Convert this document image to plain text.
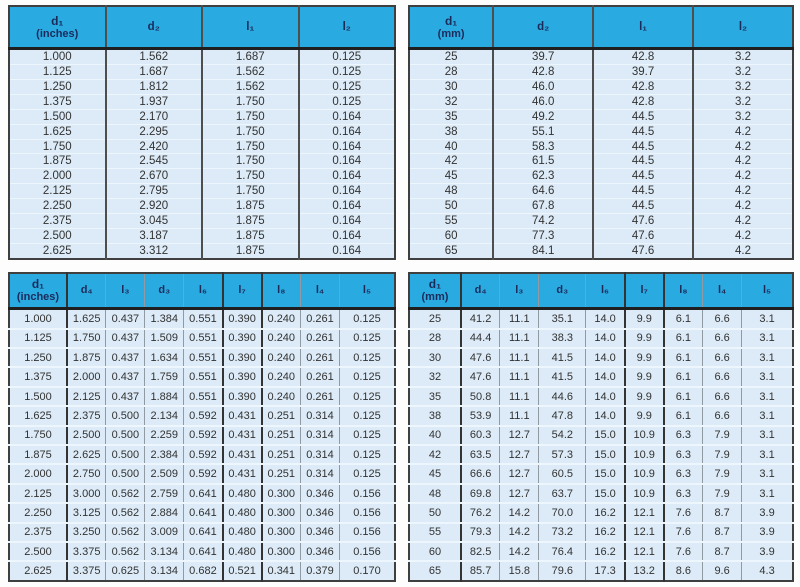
d₁
(inches)	d₂	l₁	l₂
1.000	1.562	1.687	0.125
1.125	1.687	1.562	0.125
1.250	1.812	1.562	0.125
1.375	1.937	1.750	0.125
1.500	2.170	1.750	0.164
1.625	2.295	1.750	0.164
1.750	2.420	1.750	0.164
1.875	2.545	1.750	0.164
2.000	2.670	1.750	0.164
2.125	2.795	1.750	0.164
2.250	2.920	1.875	0.164
2.375	3.045	1.875	0.164
2.500	3.187	1.875	0.164
2.625	3.312	1.875	0.164
d₁
(mm)	d₂	l₁	l₂
25	39.7	42.8	3.2
28	42.8	39.7	3.2
30	46.0	42.8	3.2
32	46.0	42.8	3.2
35	49.2	44.5	3.2
38	55.1	44.5	4.2
40	58.3	44.5	4.2
42	61.5	44.5	4.2
45	62.3	44.5	4.2
48	64.6	44.5	4.2
50	67.8	44.5	4.2
55	74.2	47.6	4.2
60	77.3	47.6	4.2
65	84.1	47.6	4.2
d₁
(inches)	d₄	l₃	d₃	l₆	l₇	l₈	l₄	l₅
1.000	1.625	0.437	1.384	0.551	0.390	0.240	0.261	0.125
1.125	1.750	0.437	1.509	0.551	0.390	0.240	0.261	0.125
1.250	1.875	0.437	1.634	0.551	0.390	0.240	0.261	0.125
1.375	2.000	0.437	1.759	0.551	0.390	0.240	0.261	0.125
1.500	2.125	0.437	1.884	0.551	0.390	0.240	0.261	0.125
1.625	2.375	0.500	2.134	0.592	0.431	0.251	0.314	0.125
1.750	2.500	0.500	2.259	0.592	0.431	0.251	0.314	0.125
1.875	2.625	0.500	2.384	0.592	0.431	0.251	0.314	0.125
2.000	2.750	0.500	2.509	0.592	0.431	0.251	0.314	0.125
2.125	3.000	0.562	2.759	0.641	0.480	0.300	0.346	0.156
2.250	3.125	0.562	2.884	0.641	0.480	0.300	0.346	0.156
2.375	3.250	0.562	3.009	0.641	0.480	0.300	0.346	0.156
2.500	3.375	0.562	3.134	0.641	0.480	0.300	0.346	0.156
2.625	3.375	0.625	3.134	0.682	0.521	0.341	0.379	0.170
d₁
(mm)	d₄	l₃	d₃	l₆	l₇	l₈	l₄	l₅
25	41.2	11.1	35.1	14.0	9.9	6.1	6.6	3.1
28	44.4	11.1	38.3	14.0	9.9	6.1	6.6	3.1
30	47.6	11.1	41.5	14.0	9.9	6.1	6.6	3.1
32	47.6	11.1	41.5	14.0	9.9	6.1	6.6	3.1
35	50.8	11.1	44.6	14.0	9.9	6.1	6.6	3.1
38	53.9	11.1	47.8	14.0	9.9	6.1	6.6	3.1
40	60.3	12.7	54.2	15.0	10.9	6.3	7.9	3.1
42	63.5	12.7	57.3	15.0	10.9	6.3	7.9	3.1
45	66.6	12.7	60.5	15.0	10.9	6.3	7.9	3.1
48	69.8	12.7	63.7	15.0	10.9	6.3	7.9	3.1
50	76.2	14.2	70.0	16.2	12.1	7.6	8.7	3.9
55	79.3	14.2	73.2	16.2	12.1	7.6	8.7	3.9
60	82.5	14.2	76.4	16.2	12.1	7.6	8.7	3.9
65	85.7	15.8	79.6	17.3	13.2	8.6	9.6	4.3
